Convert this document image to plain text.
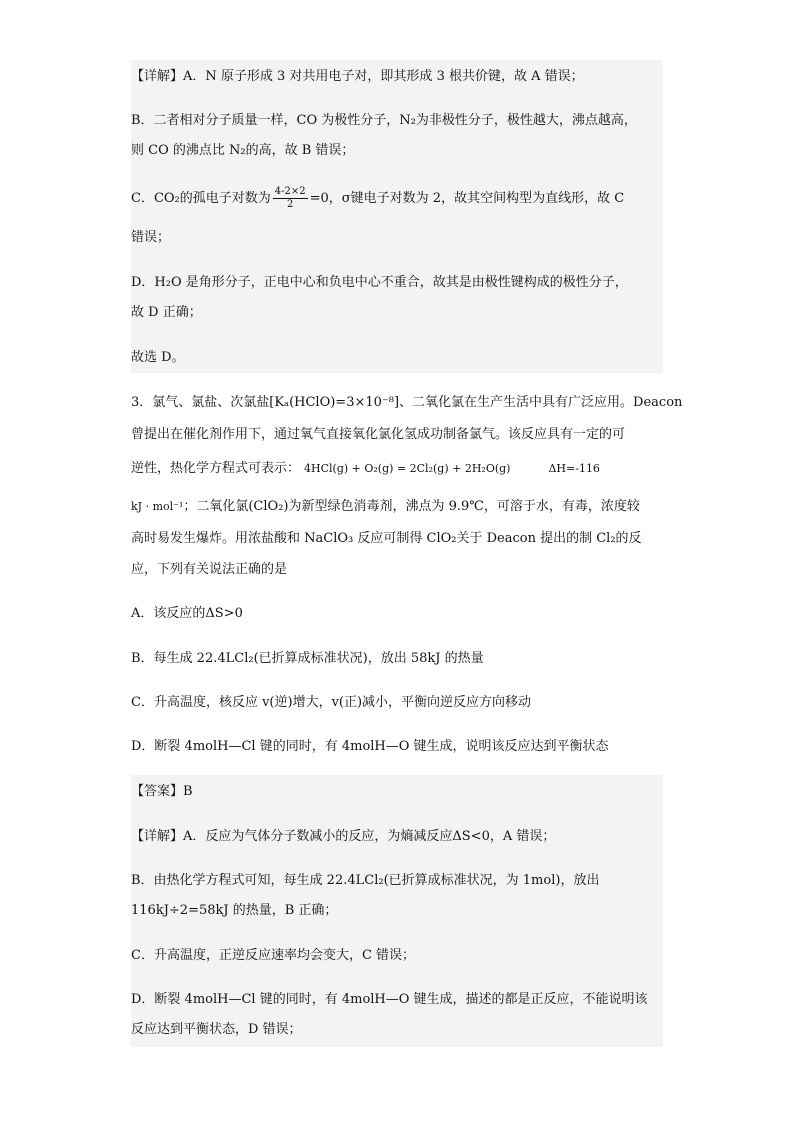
【详解】A．N 原子形成 3 对共用电子对，即其形成 3 根共价键，故 A 错误；
B．二者相对分子质量一样，CO 为极性分子，N₂为非极性分子，极性越大，沸点越高，
则 CO 的沸点比 N₂的高，故 B 错误；
C．CO₂的孤电子对数为 $\frac{4-2\times 2}{2} =0$，σ键电子对数为 2，故其空间构型为直线形，故 C
错误；
D．H₂O 是角形分子，正电中心和负电中心不重合，故其是由极性键构成的极性分子，
故 D 正确；
故选 D。
3．氯气、氯盐、次氯盐[Kₐ(HClO)=3×10⁻⁸]、二氧化氯在生产生活中具有广泛应用。Deacon
曾提出在催化剂作用下，通过氧气直接氧化氯化氢成功制备氯气。该反应具有一定的可
逆性，热化学方程式可表示： 4HCl(g) + O₂(g) = 2Cl₂(g) + 2H₂O(g)	ΔH=-116
kJ · mol⁻¹；二氧化氯(ClO₂)为新型绿色消毒剂，沸点为 9.9℃，可溶于水，有毒，浓度较
高时易发生爆炸。用浓盐酸和 NaClO₃ 反应可制得 ClO₂关于 Deacon 提出的制 Cl₂的反
应，下列有关说法正确的是
A．该反应的ΔS>0
B．每生成 22.4LCl₂(已折算成标准状况)，放出 58kJ 的热量
C．升高温度，核反应 v(逆)增大，v(正)减小，平衡向逆反应方向移动
D．断裂 4molH—Cl 键的同时，有 4molH—O 键生成，说明该反应达到平衡状态
【答案】B
【详解】A．反应为气体分子数减小的反应，为熵减反应ΔS<0，A 错误；
B．由热化学方程式可知，每生成 22.4LCl₂(已折算成标准状况，为 1mol)，放出
116kJ÷2=58kJ 的热量，B 正确；
C．升高温度，正逆反应速率均会变大，C 错误；
D．断裂 4molH—Cl 键的同时，有 4molH—O 键生成，描述的都是正反应，不能说明该
反应达到平衡状态，D 错误；
